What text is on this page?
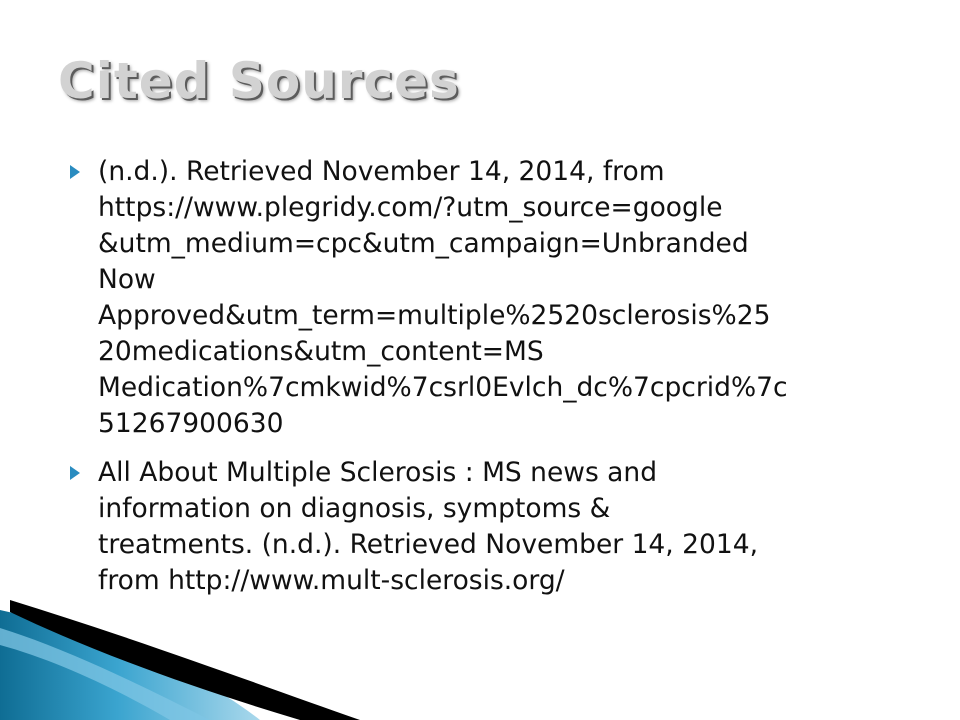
Cited Sources
(n.d.). Retrieved November 14, 2014, from
https://www.plegridy.com/?utm_source=google
&utm_medium=cpc&utm_campaign=Unbranded
Now
Approved&utm_term=multiple%2520sclerosis%25
20medications&utm_content=MS
Medication%7cmkwid%7csrl0Evlch_dc%7cpcrid%7c
51267900630
All About Multiple Sclerosis : MS news and
information on diagnosis, symptoms &
treatments. (n.d.). Retrieved November 14, 2014,
from http://www.mult-sclerosis.org/
